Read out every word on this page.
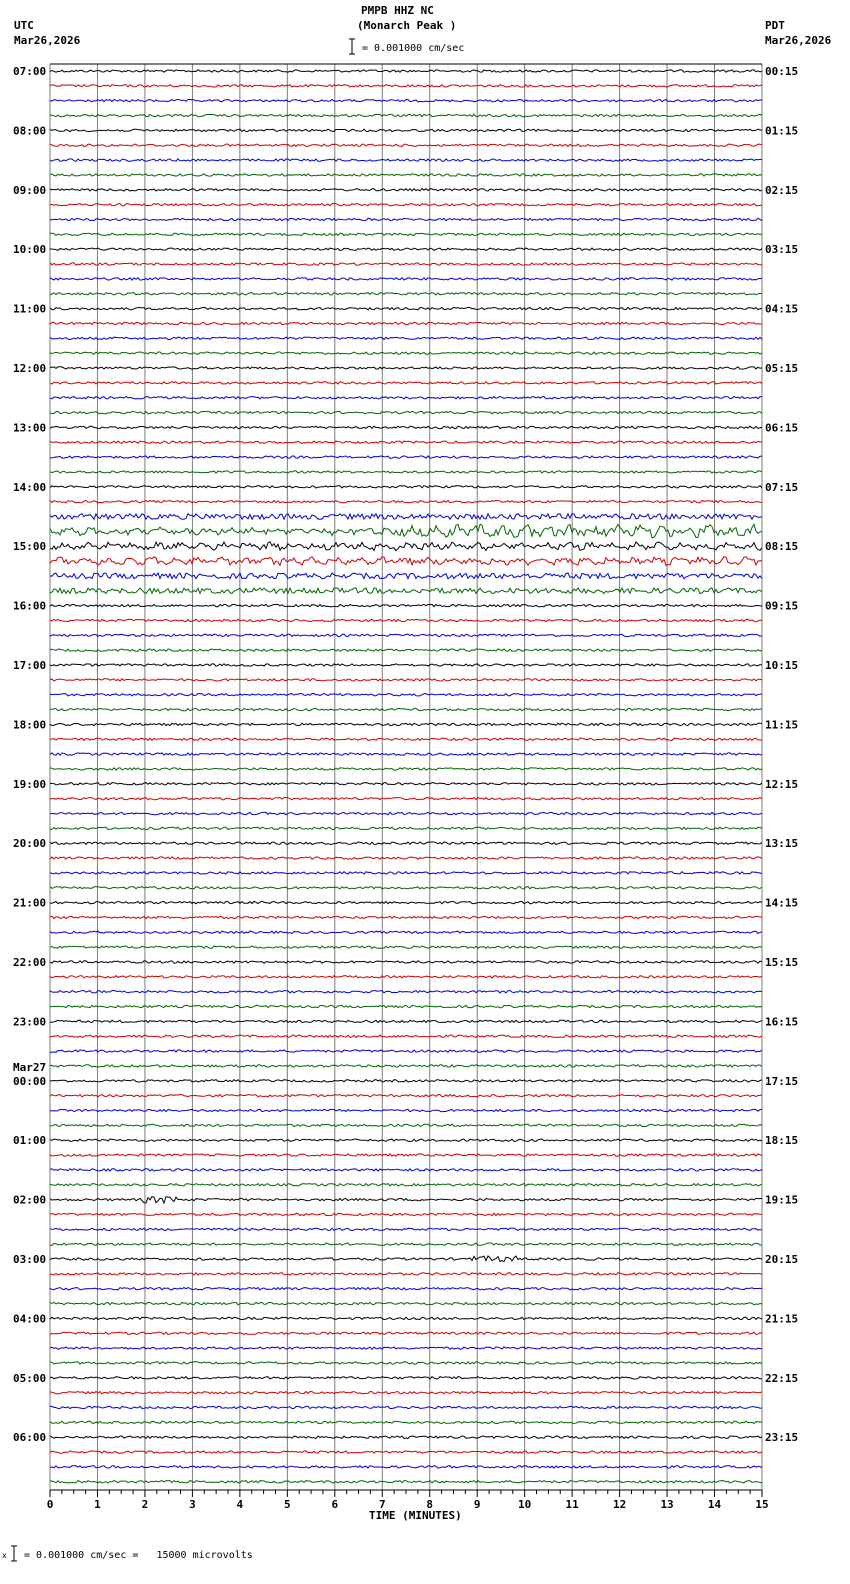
0	1	2	3	4	5	6	7	8	9	10	11	12	13	14	15
07:00
08:00
09:00
10:00
11:00
12:00
13:00
14:00
15:00
16:00
17:00
18:00
19:00
20:00
21:00
22:00
23:00
00:00
Mar27
01:00
02:00
03:00
04:00
05:00
06:00
00:15
01:15
02:15
03:15
04:15
05:15
06:15
07:15
08:15
09:15
10:15
11:15
12:15
13:15
14:15
15:15
16:15
17:15
18:15
19:15
20:15
21:15
22:15
23:15
PMPB HHZ NC
(Monarch Peak )
UTC
Mar26,2026
PDT
Mar26,2026
= 0.001000 cm/sec
TIME (MINUTES)
x = 0.001000 cm/sec =   15000 microvolts
